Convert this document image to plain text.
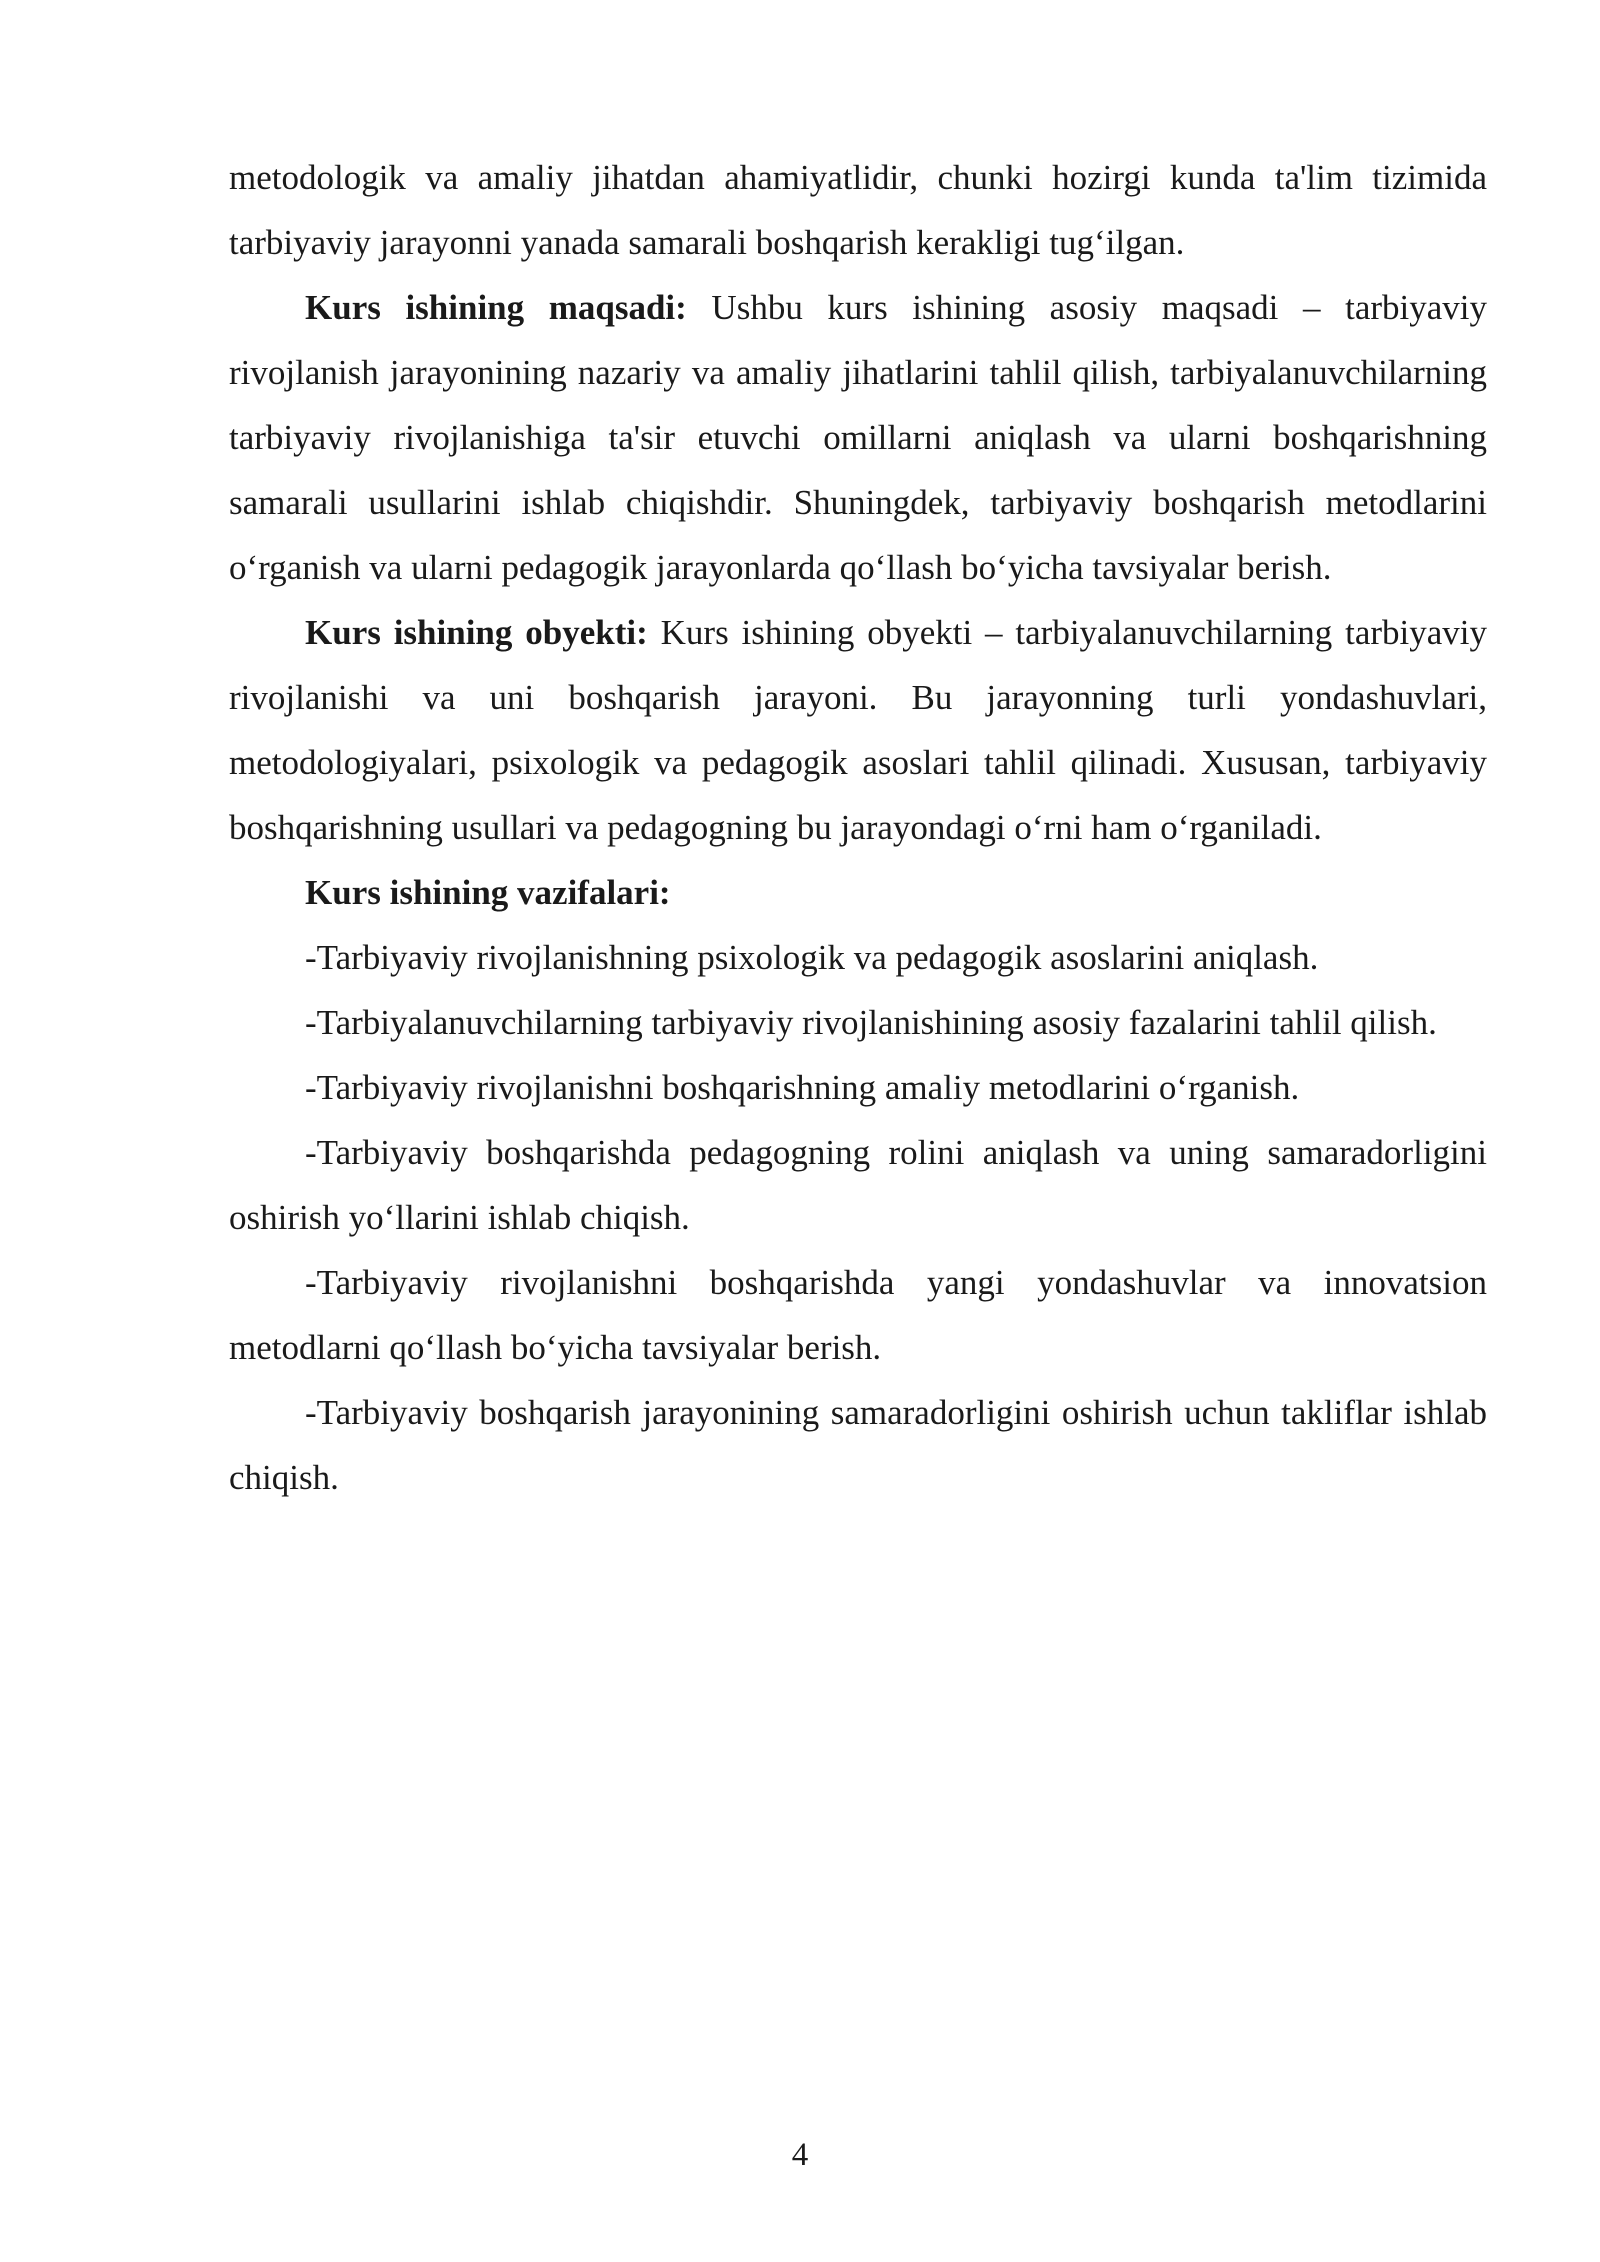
metodologik va amaliy jihatdan ahamiyatlidir, chunki hozirgi kunda ta'lim tizimida tarbiyaviy jarayonni yanada samarali boshqarish kerakligi tug‘ilgan.

Kurs ishining maqsadi: Ushbu kurs ishining asosiy maqsadi – tarbiyaviy rivojlanish jarayonining nazariy va amaliy jihatlarini tahlil qilish, tarbiyalanuvchilarning tarbiyaviy rivojlanishiga ta'sir etuvchi omillarni aniqlash va ularni boshqarishning samarali usullarini ishlab chiqishdir. Shuningdek, tarbiyaviy boshqarish metodlarini o‘rganish va ularni pedagogik jarayonlarda qo‘llash bo‘yicha tavsiyalar berish.

Kurs ishining obyekti: Kurs ishining obyekti – tarbiyalanuvchilarning tarbiyaviy rivojlanishi va uni boshqarish jarayoni. Bu jarayonning turli yondashuvlari, metodologiyalari, psixologik va pedagogik asoslari tahlil qilinadi. Xususan, tarbiyaviy boshqarishning usullari va pedagogning bu jarayondagi o‘rni ham o‘rganiladi.

Kurs ishining vazifalari:

-Tarbiyaviy rivojlanishning psixologik va pedagogik asoslarini aniqlash.

-Tarbiyalanuvchilarning tarbiyaviy rivojlanishining asosiy fazalarini tahlil qilish.

-Tarbiyaviy rivojlanishni boshqarishning amaliy metodlarini o‘rganish.

-Tarbiyaviy boshqarishda pedagogning rolini aniqlash va uning samaradorligini oshirish yo‘llarini ishlab chiqish.

-Tarbiyaviy rivojlanishni boshqarishda yangi yondashuvlar va innovatsion metodlarni qo‘llash bo‘yicha tavsiyalar berish.

-Tarbiyaviy boshqarish jarayonining samaradorligini oshirish uchun takliflar ishlab chiqish.

4
